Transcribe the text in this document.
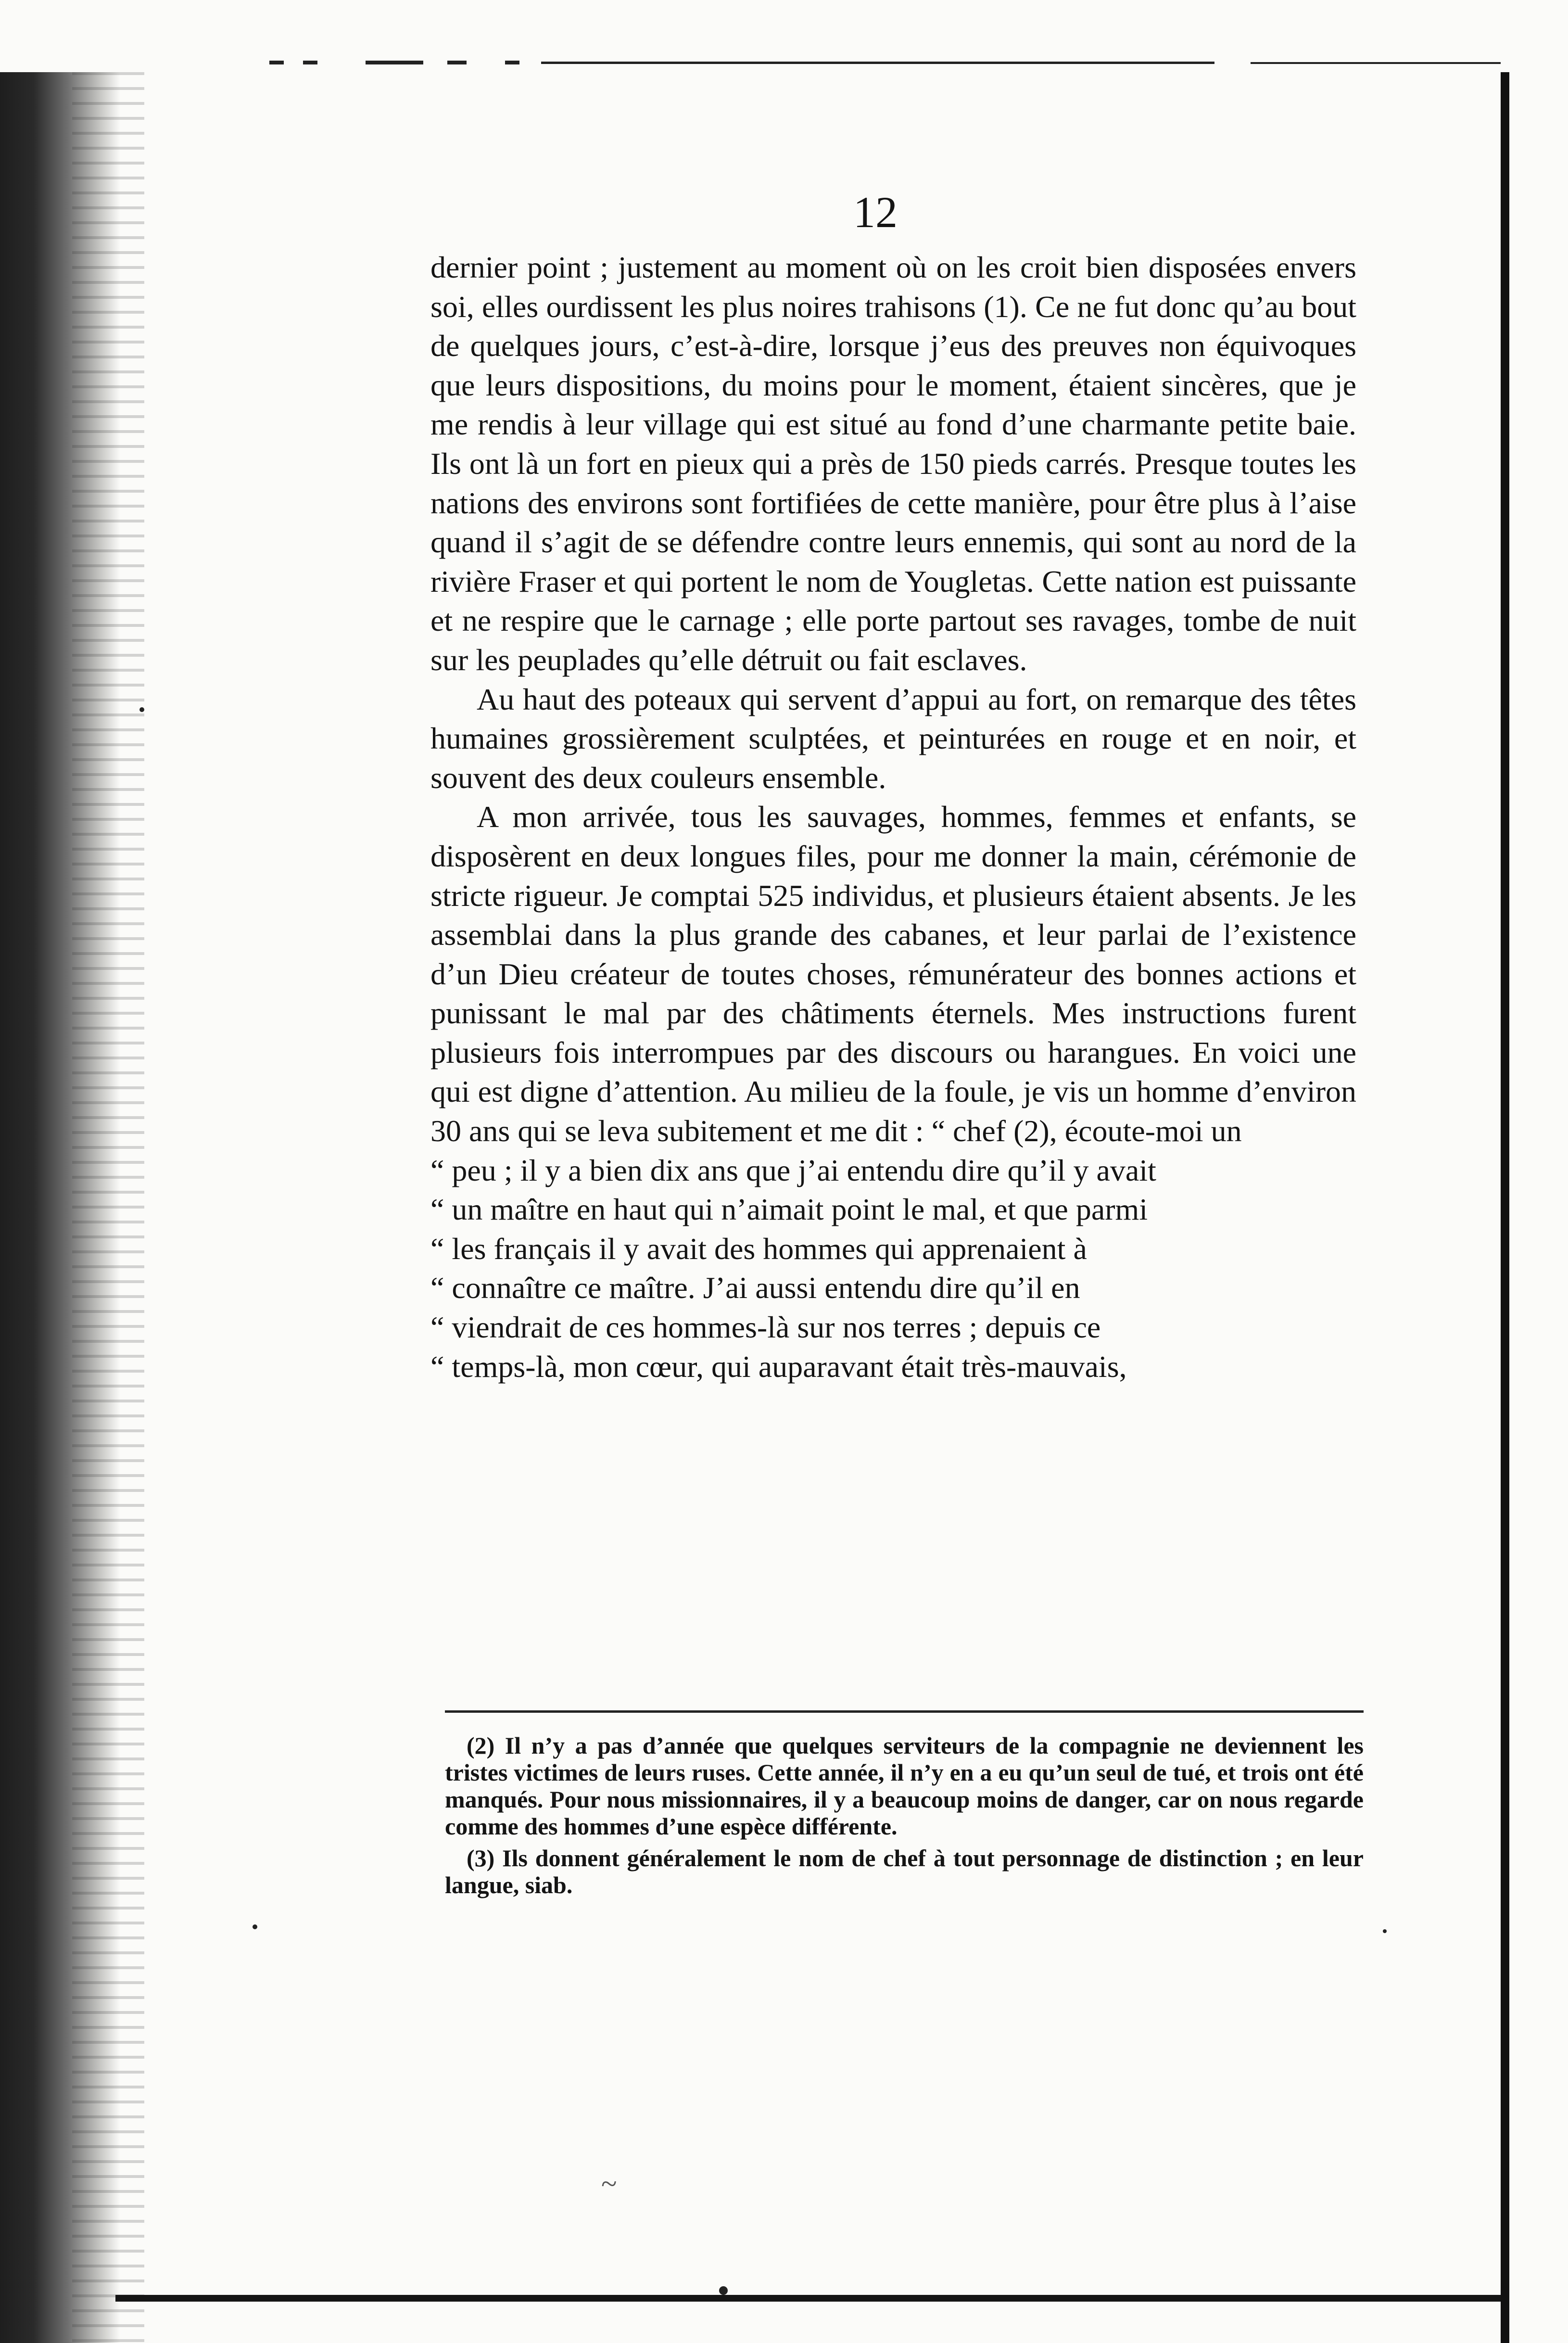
12

dernier point ; justement au moment où on les croit bien disposées envers soi, elles ourdissent les plus noires trahisons (1). Ce ne fut donc qu’au bout de quelques jours, c’est-à-dire, lorsque j’eus des preuves non équivoques que leurs dispositions, du moins pour le moment, étaient sincères, que je me rendis à leur village qui est situé au fond d’une charmante petite baie. Ils ont là un fort en pieux qui a près de 150 pieds carrés. Presque toutes les nations des environs sont fortifiées de cette manière, pour être plus à l’aise quand il s’agit de se défendre contre leurs ennemis, qui sont au nord de la rivière Fraser et qui portent le nom de Yougletas. Cette nation est puissante et ne respire que le carnage ; elle porte partout ses ravages, tombe de nuit sur les peuplades qu’elle détruit ou fait esclaves.

Au haut des poteaux qui servent d’appui au fort, on remarque des têtes humaines grossièrement sculptées, et peinturées en rouge et en noir, et souvent des deux couleurs ensemble.

A mon arrivée, tous les sauvages, hommes, femmes et enfants, se disposèrent en deux longues files, pour me donner la main, cérémonie de stricte rigueur. Je comptai 525 individus, et plusieurs étaient absents. Je les assemblai dans la plus grande des cabanes, et leur parlai de l’existence d’un Dieu créateur de toutes choses, rémunérateur des bonnes actions et punissant le mal par des châtiments éternels. Mes instructions furent plusieurs fois interrompues par des discours ou harangues. En voici une qui est digne d’attention. Au milieu de la foule, je vis un homme d’environ 30 ans qui se leva subitement et me dit : “ chef (2), écoute-moi un

“ peu ; il y a bien dix ans que j’ai entendu dire qu’il y avait
“ un maître en haut qui n’aimait point le mal, et que parmi
“ les français il y avait des hommes qui apprenaient à
“ connaître ce maître. J’ai aussi entendu dire qu’il en
“ viendrait de ces hommes-là sur nos terres ; depuis ce
“ temps-là, mon cœur, qui auparavant était très-mauvais,

(2) Il n’y a pas d’année que quelques serviteurs de la compagnie ne deviennent les tristes victimes de leurs ruses. Cette année, il n’y en a eu qu’un seul de tué, et trois ont été manqués. Pour nous missionnaires, il y a beaucoup moins de danger, car on nous regarde comme des hommes d’une espèce différente.

(3) Ils donnent généralement le nom de chef à tout personnage de distinction ; en leur langue, siab.

~
